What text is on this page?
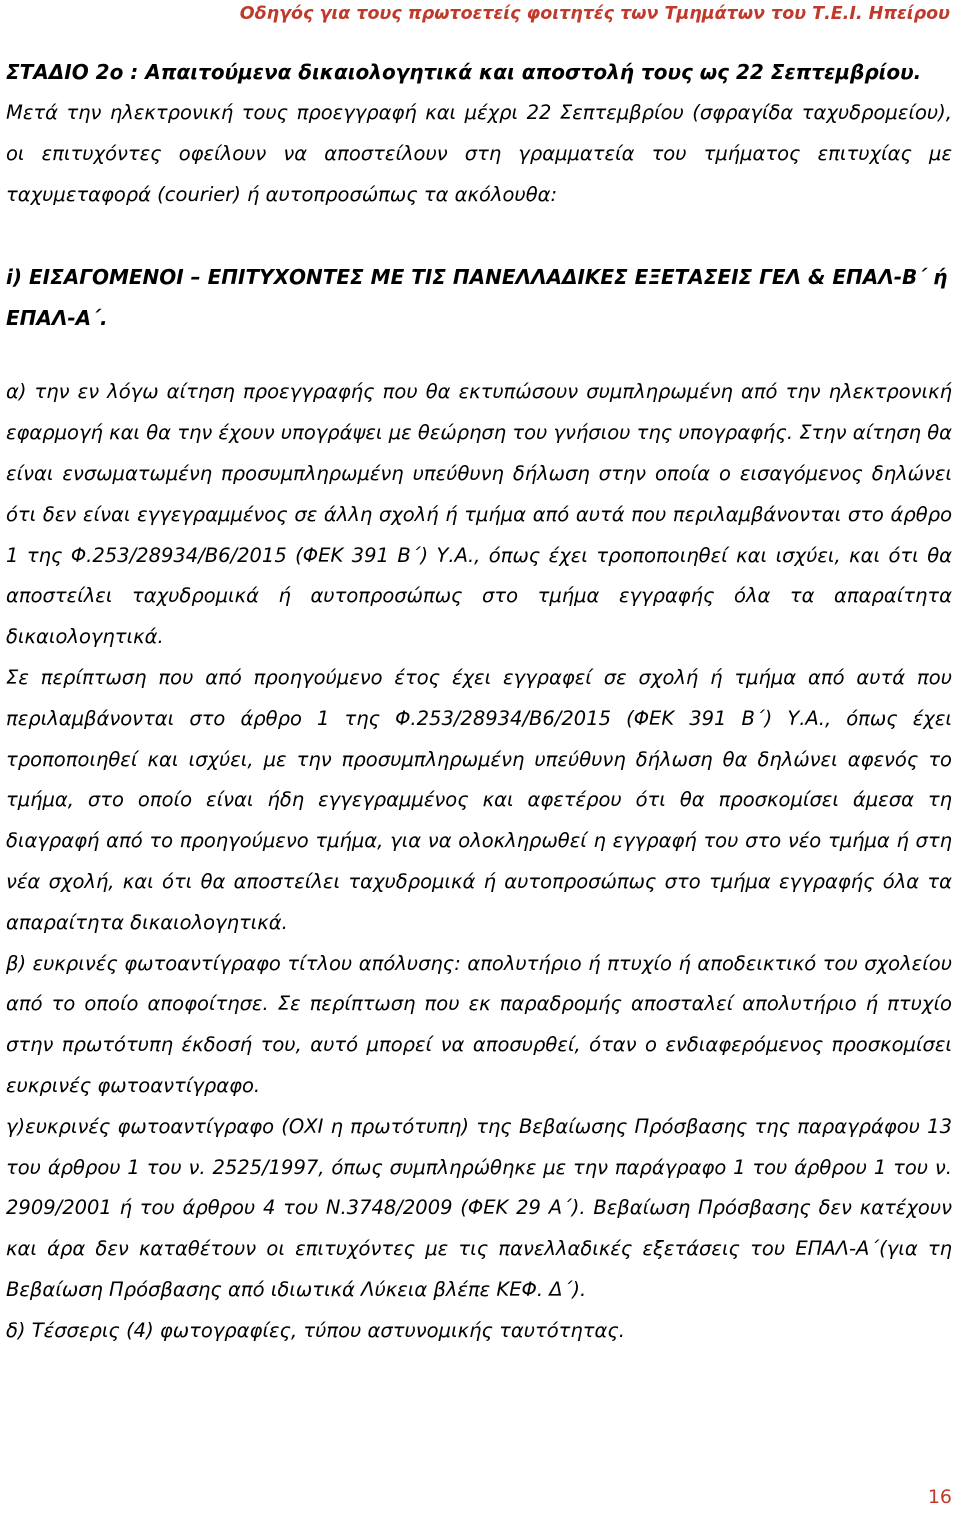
Οδηγός για τους πρωτοετείς φοιτητές των Τμημάτων του Τ.Ε.Ι. Ηπείρου
ΣΤΑΔΙΟ 2ο : Απαιτούμενα δικαιολογητικά και αποστολή τους ως 22 Σεπτεμβρίου.

Μετά την ηλεκτρονική τους προεγγραφή και μέχρι 22 Σεπτεμβρίου (σφραγίδα ταχυδρομείου), οι επιτυχόντες οφείλουν να αποστείλουν στη γραμματεία του τμήματος επιτυχίας με ταχυμεταφορά (courier) ή αυτοπροσώπως τα ακόλουθα:

i) ΕΙΣΑΓΟΜΕΝΟΙ – ΕΠΙΤΥΧΟΝΤΕΣ ΜΕ ΤΙΣ ΠΑΝΕΛΛΑΔΙΚΕΣ ΕΞΕΤΑΣΕΙΣ ΓΕΛ & ΕΠΑΛ-Β΄ ή ΕΠΑΛ-Α΄.

α) την εν λόγω αίτηση προεγγραφής που θα εκτυπώσουν συμπληρωμένη από την ηλεκτρονική εφαρμογή και θα την έχουν υπογράψει με θεώρηση του γνήσιου της υπογραφής. Στην αίτηση θα είναι ενσωματωμένη προσυμπληρωμένη υπεύθυνη δήλωση στην οποία ο εισαγόμενος δηλώνει ότι δεν είναι εγγεγραμμένος σε άλλη σχολή ή τμήμα από αυτά που περιλαμβάνονται στο άρθρο 1 της Φ.253/28934/Β6/2015 (ΦΕΚ 391 Β΄) Υ.Α., όπως έχει τροποποιηθεί και ισχύει, και ότι θα αποστείλει ταχυδρομικά ή αυτοπροσώπως στο τμήμα εγγραφής όλα τα απαραίτητα δικαιολογητικά.

Σε περίπτωση που από προηγούμενο έτος έχει εγγραφεί σε σχολή ή τμήμα από αυτά που περιλαμβάνονται στο άρθρο 1 της Φ.253/28934/Β6/2015 (ΦΕΚ 391 Β΄) Υ.Α., όπως έχει τροποποιηθεί και ισχύει, με την προσυμπληρωμένη υπεύθυνη δήλωση θα δηλώνει αφενός το τμήμα, στο οποίο είναι ήδη εγγεγραμμένος και αφετέρου ότι θα προσκομίσει άμεσα τη διαγραφή από το προηγούμενο τμήμα, για να ολοκληρωθεί η εγγραφή του στο νέο τμήμα ή στη νέα σχολή, και ότι θα αποστείλει ταχυδρομικά ή αυτοπροσώπως στο τμήμα εγγραφής όλα τα απαραίτητα δικαιολογητικά.

β) ευκρινές φωτοαντίγραφο τίτλου απόλυσης: απολυτήριο ή πτυχίο ή αποδεικτικό του σχολείου από το οποίο αποφοίτησε. Σε περίπτωση που εκ παραδρομής αποσταλεί απολυτήριο ή πτυχίο στην πρωτότυπη έκδοσή του, αυτό μπορεί να αποσυρθεί, όταν ο ενδιαφερόμενος προσκομίσει ευκρινές φωτοαντίγραφο.

γ)ευκρινές φωτοαντίγραφο (ΟΧΙ η πρωτότυπη) της Βεβαίωσης Πρόσβασης της παραγράφου 13 του άρθρου 1 του ν. 2525/1997, όπως συμπληρώθηκε με την παράγραφο 1 του άρθρου 1 του ν. 2909/2001 ή του άρθρου 4 του Ν.3748/2009 (ΦΕΚ 29 Α΄). Βεβαίωση Πρόσβασης δεν κατέχουν και άρα δεν καταθέτουν οι επιτυχόντες με τις πανελλαδικές εξετάσεις του ΕΠΑΛ-Α΄(για τη Βεβαίωση Πρόσβασης από ιδιωτικά Λύκεια βλέπε ΚΕΦ. Δ΄).

δ) Τέσσερις (4) φωτογραφίες, τύπου αστυνομικής ταυτότητας.

16
